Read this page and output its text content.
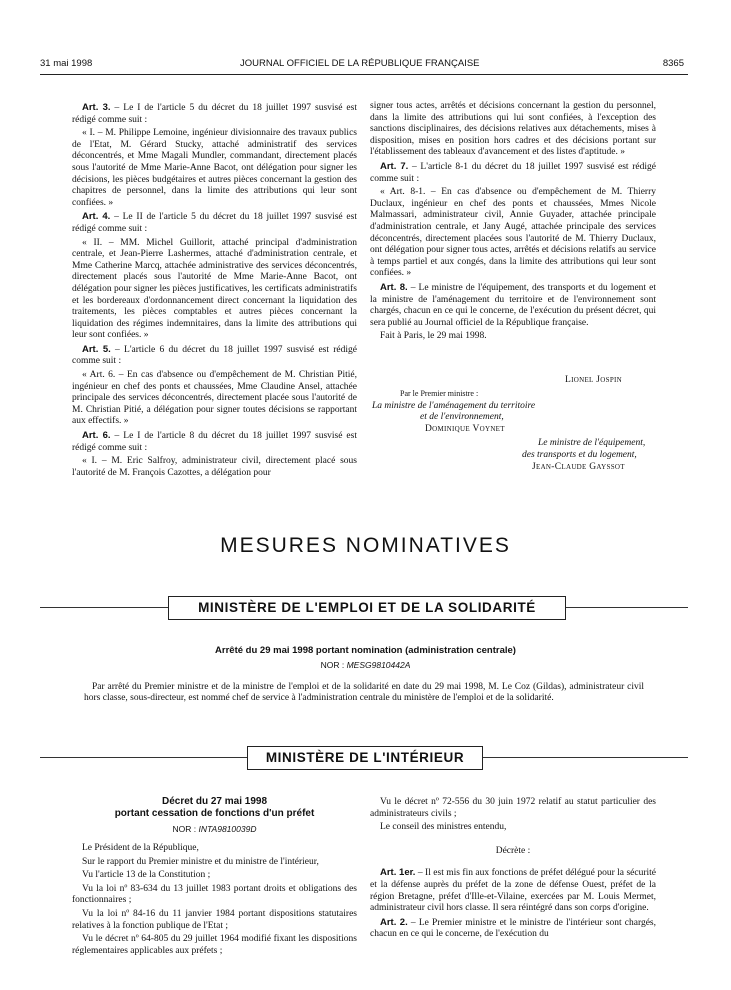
31 mai 1998	JOURNAL OFFICIEL DE LA RÉPUBLIQUE FRANÇAISE	8365

Art. 3. – Le I de l'article 5 du décret du 18 juillet 1997 susvisé est rédigé comme suit :

« I. – M. Philippe Lemoine, ingénieur divisionnaire des travaux publics de l'Etat, M. Gérard Stucky, attaché administratif des services déconcentrés, et Mme Magali Mundler, commandant, directement placés sous l'autorité de Mme Marie-Anne Bacot, ont délégation pour signer les décisions, les pièces budgétaires et autres pièces concernant la gestion des chapitres de personnel, dans la limite des attributions qui leur sont confiées. »

Art. 4. – Le II de l'article 5 du décret du 18 juillet 1997 susvisé est rédigé comme suit :

« II. – MM. Michel Guillorit, attaché principal d'administration centrale, et Jean-Pierre Lashermes, attaché d'administration centrale, et Mme Catherine Marcq, attachée administrative des services déconcentrés, directement placés sous l'autorité de Mme Marie-Anne Bacot, ont délégation pour signer les pièces justificatives, les certificats administratifs et les bordereaux d'ordonnancement direct concernant la liquidation des traitements, les pièces comptables et autres pièces concernant la liquidation des régimes indemnitaires, dans la limite des attributions qui leur sont confiées. »

Art. 5. – L'article 6 du décret du 18 juillet 1997 susvisé est rédigé comme suit :

« Art. 6. – En cas d'absence ou d'empêchement de M. Christian Pitié, ingénieur en chef des ponts et chaussées, Mme Claudine Ansel, attachée principale des services déconcentrés, directement placée sous l'autorité de M. Christian Pitié, a délégation pour signer toutes décisions se rapportant aux effectifs. »

Art. 6. – Le I de l'article 8 du décret du 18 juillet 1997 susvisé est rédigé comme suit :

« I. – M. Eric Salfroy, administrateur civil, directement placé sous l'autorité de M. François Cazottes, a délégation pour

signer tous actes, arrêtés et décisions concernant la gestion du personnel, dans la limite des attributions qui lui sont confiées, à l'exception des sanctions disciplinaires, des décisions relatives aux détachements, mises à disposition, mises en position hors cadres et des décisions portant sur l'établissement des tableaux d'avancement et des listes d'aptitude. »

Art. 7. – L'article 8-1 du décret du 18 juillet 1997 susvisé est rédigé comme suit :

« Art. 8-1. – En cas d'absence ou d'empêchement de M. Thierry Duclaux, ingénieur en chef des ponts et chaussées, Mmes Nicole Malmassari, administrateur civil, Annie Guyader, attachée principale d'administration centrale, et Jany Augé, attachée principale des services déconcentrés, directement placées sous l'autorité de M. Thierry Duclaux, ont délégation pour signer tous actes, arrêtés et décisions relatifs au service à temps partiel et aux congés, dans la limite des attributions qui leur sont confiées. »

Art. 8. – Le ministre de l'équipement, des transports et du logement et la ministre de l'aménagement du territoire et de l'environnement sont chargés, chacun en ce qui le concerne, de l'exécution du présent décret, qui sera publié au Journal officiel de la République française.

Fait à Paris, le 29 mai 1998.

Lionel Jospin
Par le Premier ministre :
La ministre de l'aménagement du territoire
et de l'environnement,
Dominique Voynet
Le ministre de l'équipement,
des transports et du logement,
Jean-Claude Gayssot
MESURES NOMINATIVES
MINISTÈRE DE L'EMPLOI ET DE LA SOLIDARITÉ
Arrêté du 29 mai 1998 portant nomination (administration centrale)
NOR : MESG9810442A
Par arrêté du Premier ministre et de la ministre de l'emploi et de la solidarité en date du 29 mai 1998, M. Le Coz (Gildas), administrateur civil hors classe, sous-directeur, est nommé chef de service à l'administration centrale du ministère de l'emploi et de la solidarité.
MINISTÈRE DE L'INTÉRIEUR
Décret du 27 mai 1998
portant cessation de fonctions d'un préfet
NOR : INTA9810039D

Le Président de la République,

Sur le rapport du Premier ministre et du ministre de l'intérieur,

Vu l'article 13 de la Constitution ;

Vu la loi nº 83-634 du 13 juillet 1983 portant droits et obligations des fonctionnaires ;

Vu la loi nº 84-16 du 11 janvier 1984 portant dispositions statutaires relatives à la fonction publique de l'Etat ;

Vu le décret nº 64-805 du 29 juillet 1964 modifié fixant les dispositions réglementaires applicables aux préfets ;

Vu le décret nº 72-556 du 30 juin 1972 relatif au statut particulier des administrateurs civils ;

Le conseil des ministres entendu,

Décrète :

Art. 1er. – Il est mis fin aux fonctions de préfet délégué pour la sécurité et la défense auprès du préfet de la zone de défense Ouest, préfet de la région Bretagne, préfet d'Ille-et-Vilaine, exercées par M. Louis Mermet, administrateur civil hors classe. Il sera réintégré dans son corps d'origine.

Art. 2. – Le Premier ministre et le ministre de l'intérieur sont chargés, chacun en ce qui le concerne, de l'exécution du
